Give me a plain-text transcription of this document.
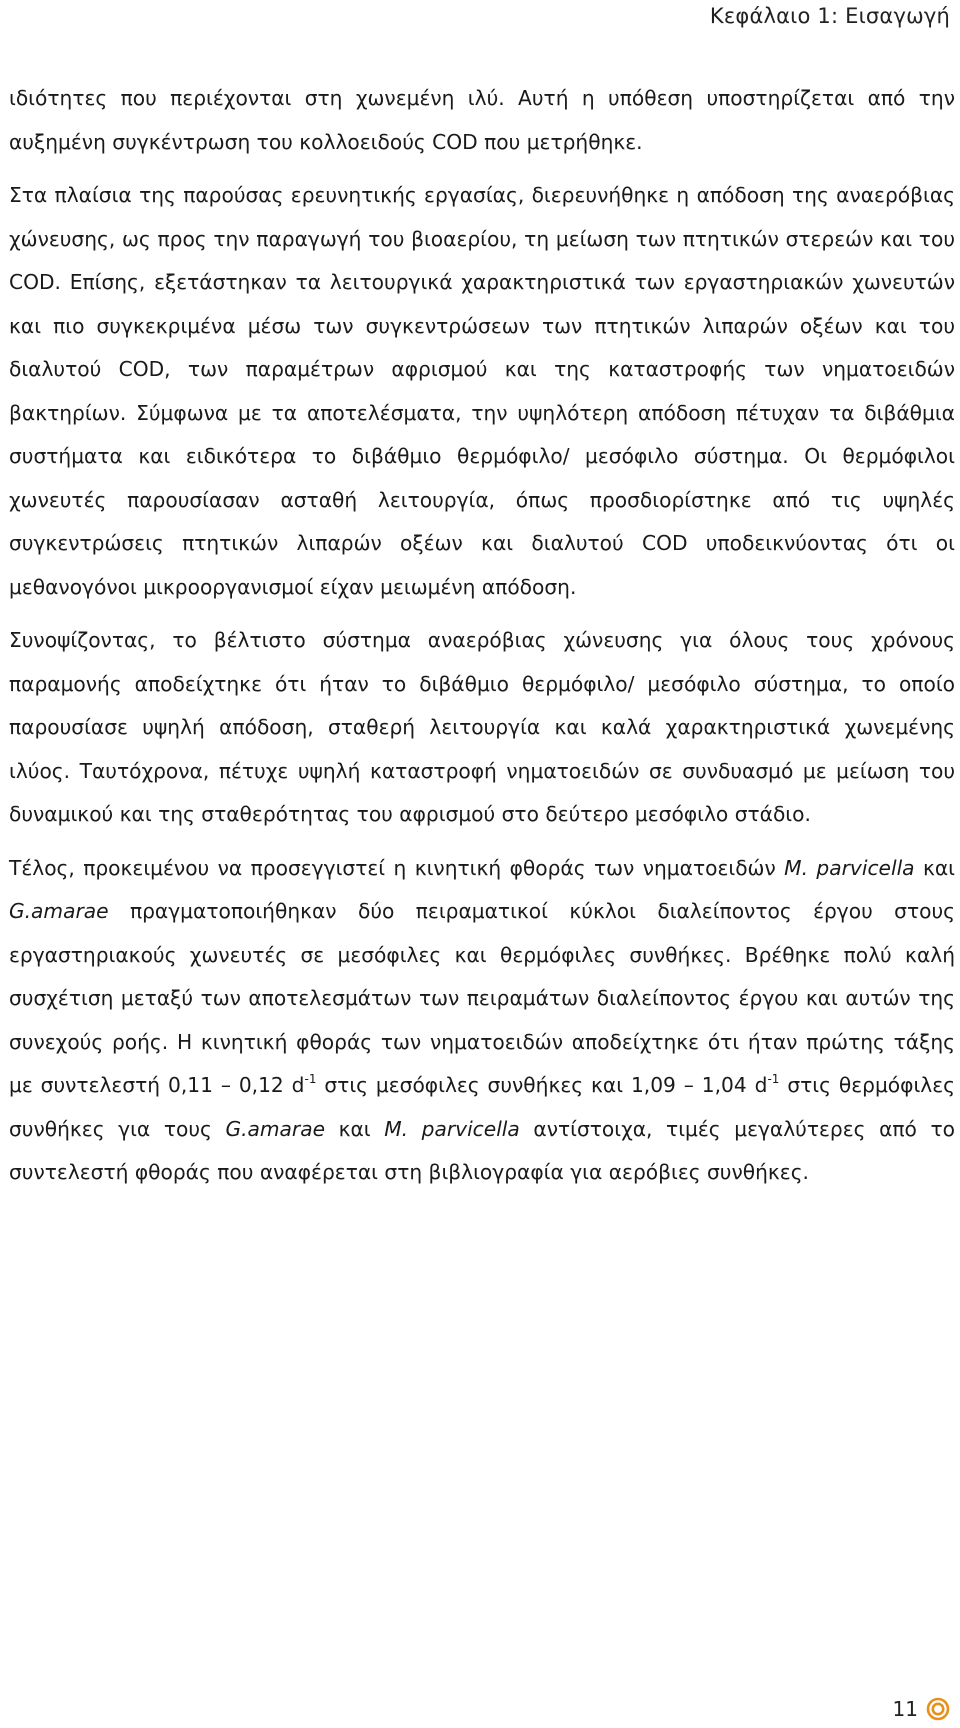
Κεφάλαιο 1: Εισαγωγή

ιδιότητες που περιέχονται στη χωνεμένη ιλύ. Αυτή η υπόθεση υποστηρίζεται από την αυξημένη συγκέντρωση του κολλοειδούς COD που μετρήθηκε.

Στα πλαίσια της παρούσας ερευνητικής εργασίας, διερευνήθηκε η απόδοση της αναερόβιας χώνευσης, ως προς την παραγωγή του βιοαερίου, τη μείωση των πτητικών στερεών και του COD. Επίσης, εξετάστηκαν τα λειτουργικά χαρακτηριστικά των εργαστηριακών χωνευτών και πιο συγκεκριμένα μέσω των συγκεντρώσεων των πτητικών λιπαρών οξέων και του διαλυτού COD, των παραμέτρων αφρισμού και της καταστροφής των νηματοειδών βακτηρίων. Σύμφωνα με τα αποτελέσματα, την υψηλότερη απόδοση πέτυχαν τα διβάθμια συστήματα και ειδικότερα το διβάθμιο θερμόφιλο/ μεσόφιλο σύστημα. Οι θερμόφιλοι χωνευτές παρουσίασαν ασταθή λειτουργία, όπως προσδιορίστηκε από τις υψηλές συγκεντρώσεις πτητικών λιπαρών οξέων και διαλυτού COD υποδεικνύοντας ότι οι μεθανογόνοι μικροοργανισμοί είχαν μειωμένη απόδοση.

Συνοψίζοντας, το βέλτιστο σύστημα αναερόβιας χώνευσης για όλους τους χρόνους παραμονής αποδείχτηκε ότι ήταν το διβάθμιο θερμόφιλο/ μεσόφιλο σύστημα, το οποίο παρουσίασε υψηλή απόδοση, σταθερή λειτουργία και καλά χαρακτηριστικά χωνεμένης ιλύος. Ταυτόχρονα, πέτυχε υψηλή καταστροφή νηματοειδών σε συνδυασμό με μείωση του δυναμικού και της σταθερότητας του αφρισμού στο δεύτερο μεσόφιλο στάδιο.

Τέλος, προκειμένου να προσεγγιστεί η κινητική φθοράς των νηματοειδών M. parvicella και G.amarae πραγματοποιήθηκαν δύο πειραματικοί κύκλοι διαλείποντος έργου στους εργαστηριακούς χωνευτές σε μεσόφιλες και θερμόφιλες συνθήκες. Βρέθηκε πολύ καλή συσχέτιση μεταξύ των αποτελεσμάτων των πειραμάτων διαλείποντος έργου και αυτών της συνεχούς ροής. Η κινητική φθοράς των νηματοειδών αποδείχτηκε ότι ήταν πρώτης τάξης με συντελεστή 0,11 – 0,12 $d^{-1}$ στις μεσόφιλες συνθήκες και 1,09 – 1,04 $d^{-1}$ στις θερμόφιλες συνθήκες για τους G.amarae και M. parvicella αντίστοιχα, τιμές μεγαλύτερες από το συντελεστή φθοράς που αναφέρεται στη βιβλιογραφία για αερόβιες συνθήκες.

11
